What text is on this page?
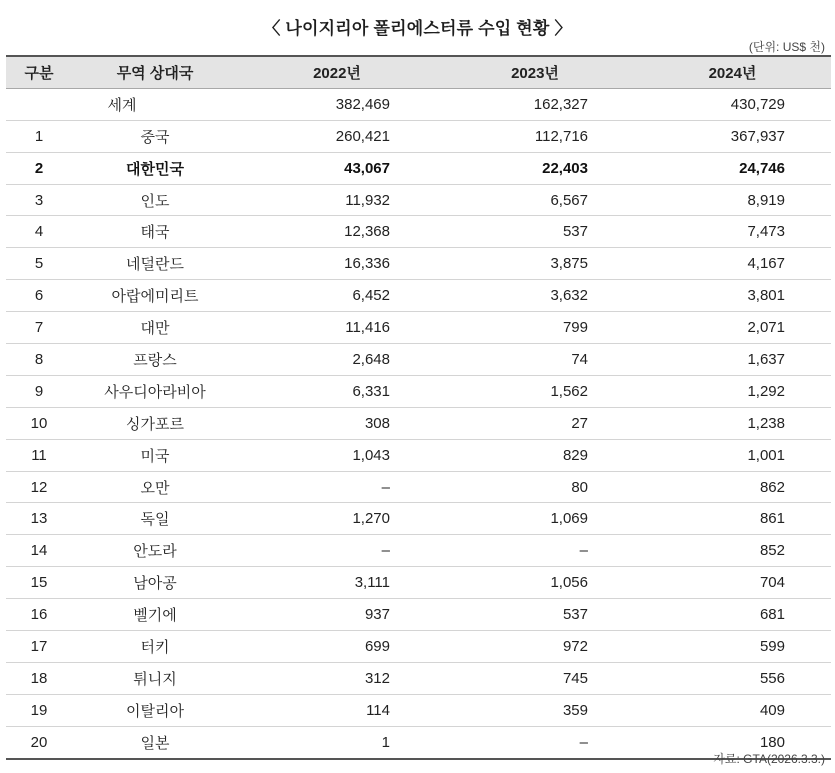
〈 나이지리아 폴리에스터류 수입 현황 〉
(단위: US$ 천)
구분	무역 상대국	2022년	2023년	2024년
세계		382,469	162,327	430,729
1	중국	260,421	112,716	367,937
2	대한민국	43,067	22,403	24,746
3	인도	11,932	6,567	8,919
4	태국	12,368	537	7,473
5	네덜란드	16,336	3,875	4,167
6	아랍에미리트	6,452	3,632	3,801
7	대만	11,416	799	2,071
8	프랑스	2,648	74	1,637
9	사우디아라비아	6,331	1,562	1,292
10	싱가포르	308	27	1,238
11	미국	1,043	829	1,001
12	오만	–	80	862
13	독일	1,270	1,069	861
14	안도라	–	–	852
15	남아공	3,111	1,056	704
16	벨기에	937	537	681
17	터키	699	972	599
18	튀니지	312	745	556
19	이탈리아	114	359	409
20	일본	1	–	180
자료: GTA(2026.3.3.)
